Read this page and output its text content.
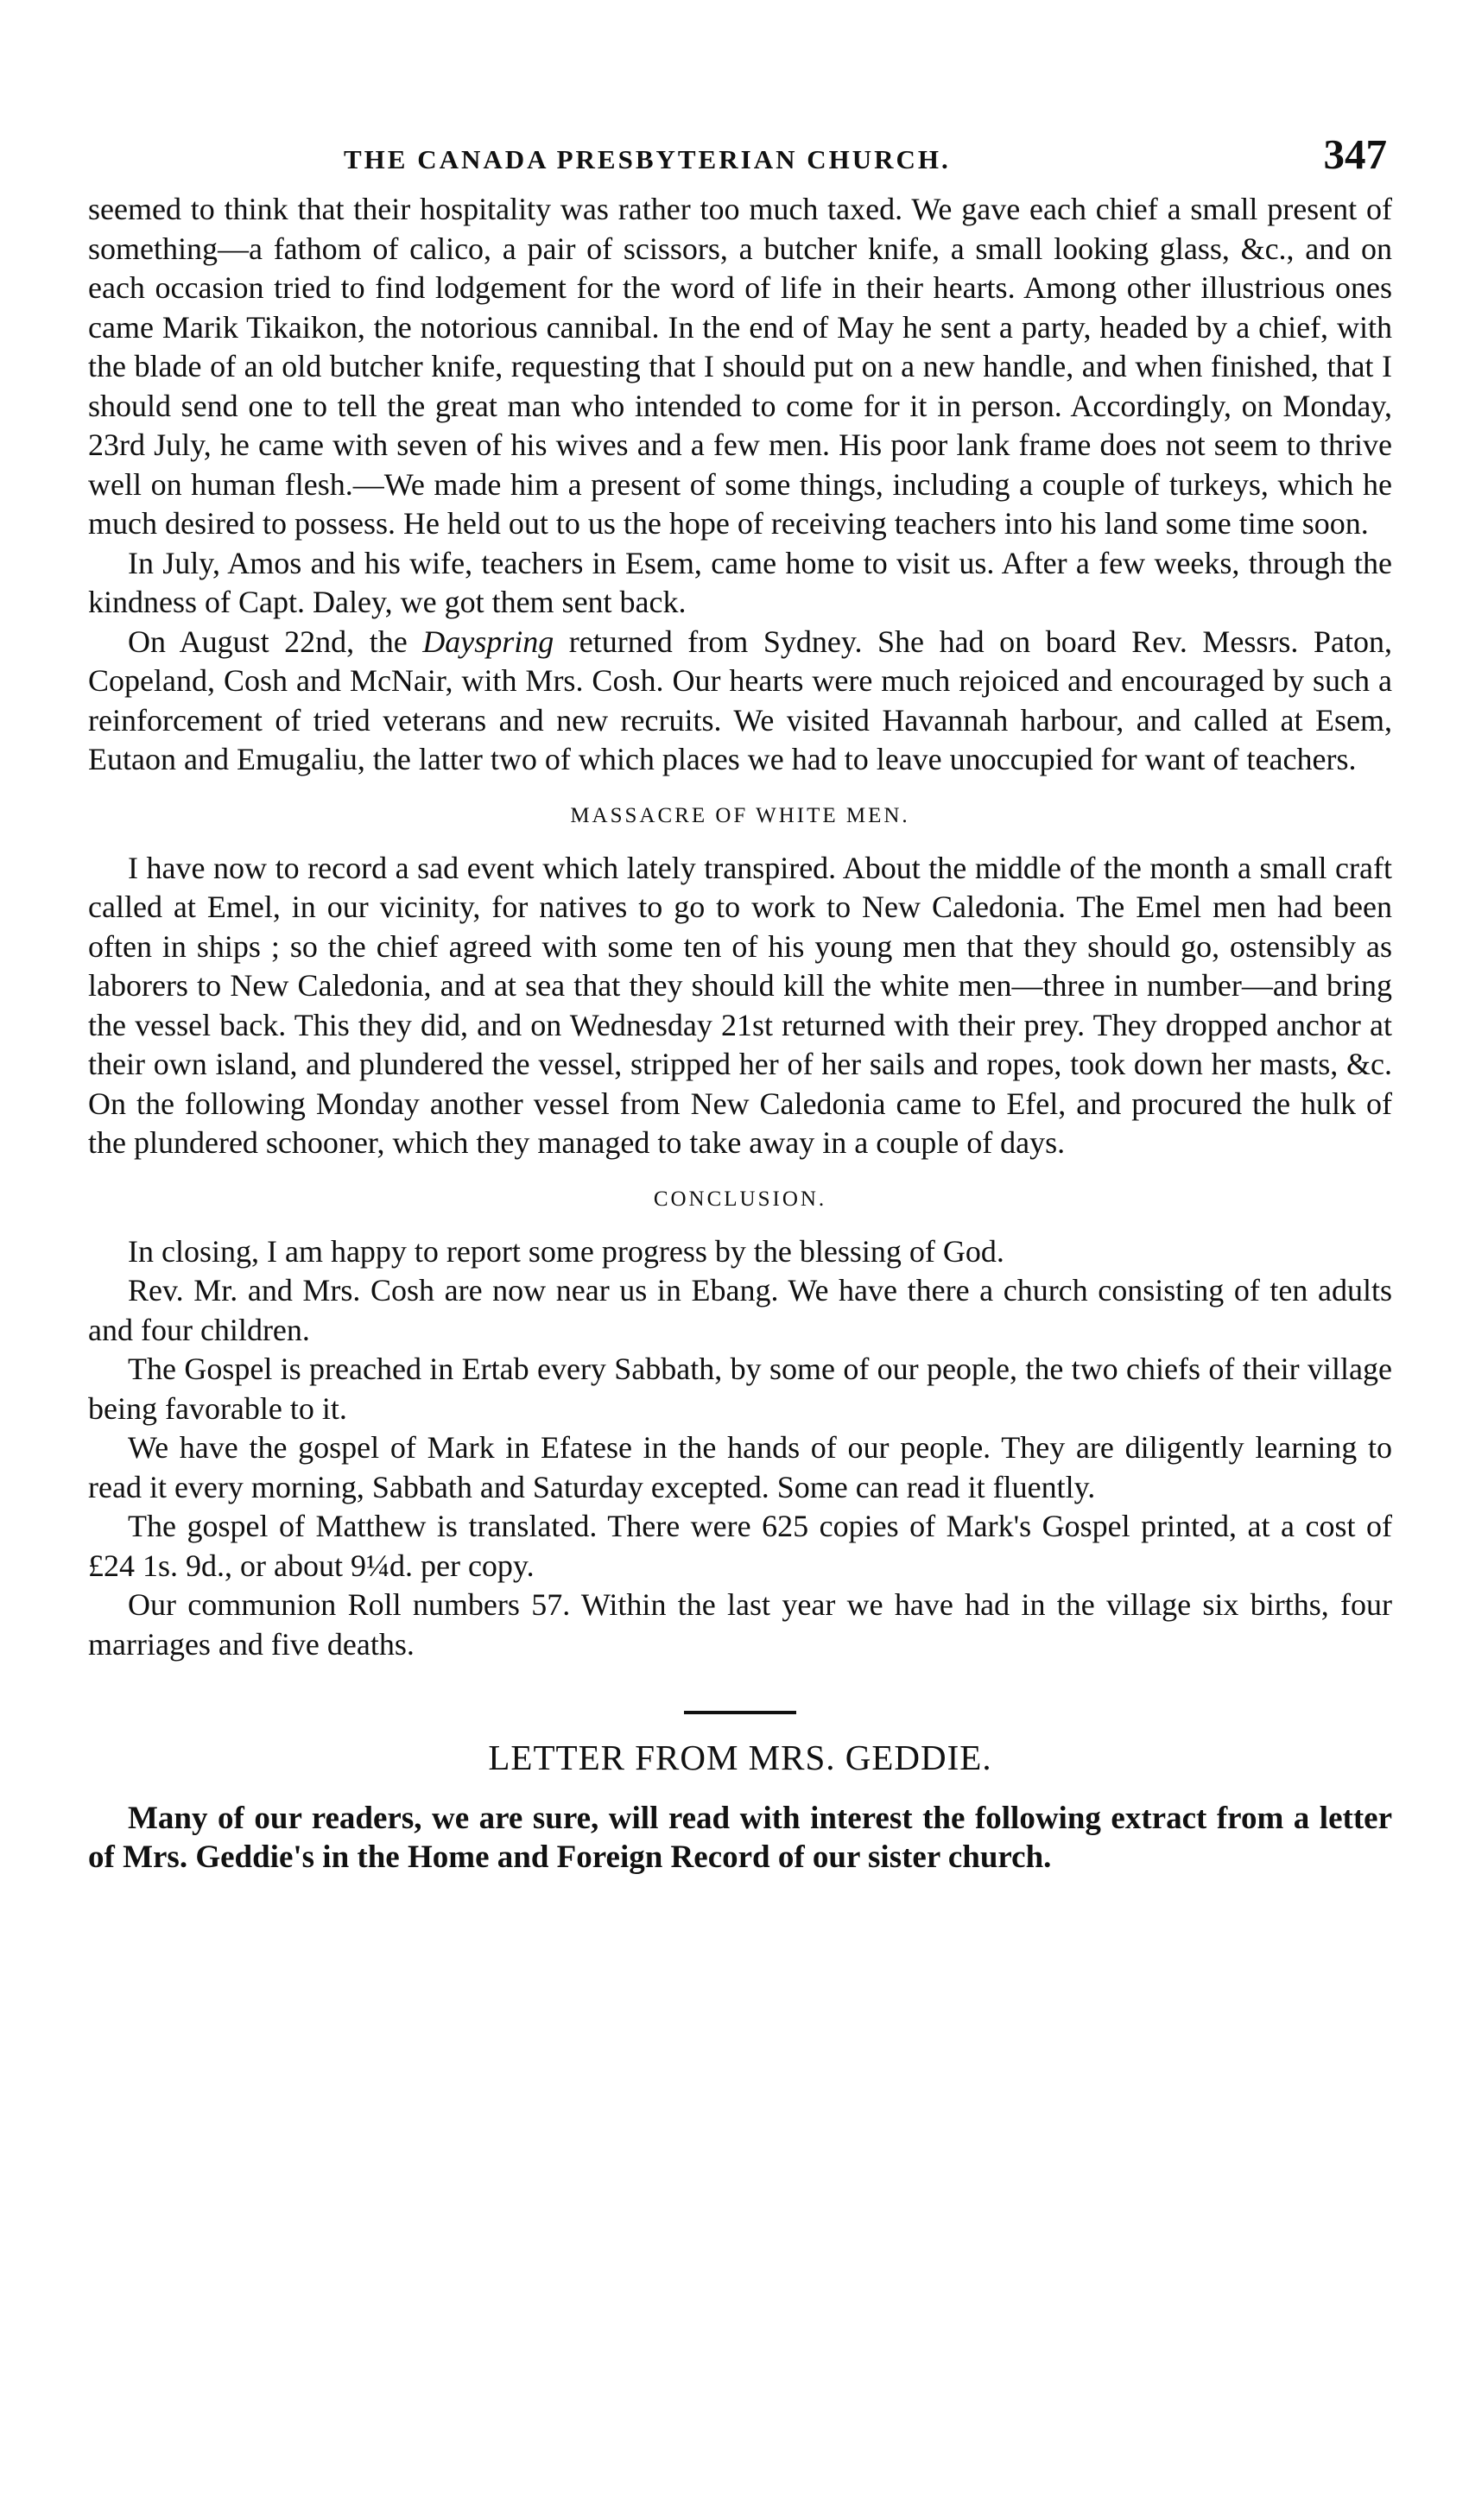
THE CANADA PRESBYTERIAN CHURCH.	347

seemed to think that their hospitality was rather too much taxed. We gave each chief a small present of something—a fathom of calico, a pair of scissors, a butcher knife, a small looking glass, &c., and on each occasion tried to find lodgement for the word of life in their hearts. Among other illustrious ones came Marik Tikaikon, the notorious cannibal. In the end of May he sent a party, headed by a chief, with the blade of an old butcher knife, requesting that I should put on a new handle, and when finished, that I should send one to tell the great man who intended to come for it in person. Accordingly, on Monday, 23rd July, he came with seven of his wives and a few men. His poor lank frame does not seem to thrive well on human flesh.—We made him a present of some things, including a couple of turkeys, which he much desired to possess. He held out to us the hope of receiving teachers into his land some time soon.

In July, Amos and his wife, teachers in Esem, came home to visit us. After a few weeks, through the kindness of Capt. Daley, we got them sent back.

On August 22nd, the Dayspring returned from Sydney. She had on board Rev. Messrs. Paton, Copeland, Cosh and McNair, with Mrs. Cosh. Our hearts were much rejoiced and encouraged by such a reinforcement of tried veterans and new recruits. We visited Havannah harbour, and called at Esem, Eutaon and Emugaliu, the latter two of which places we had to leave unoccupied for want of teachers.

MASSACRE OF WHITE MEN.

I have now to record a sad event which lately transpired. About the middle of the month a small craft called at Emel, in our vicinity, for natives to go to work to New Caledonia. The Emel men had been often in ships ; so the chief agreed with some ten of his young men that they should go, ostensibly as laborers to New Caledonia, and at sea that they should kill the white men—three in number—and bring the vessel back. This they did, and on Wednesday 21st returned with their prey. They dropped anchor at their own island, and plundered the vessel, stripped her of her sails and ropes, took down her masts, &c. On the following Monday another vessel from New Caledonia came to Efel, and procured the hulk of the plundered schooner, which they managed to take away in a couple of days.

CONCLUSION.

In closing, I am happy to report some progress by the blessing of God.

Rev. Mr. and Mrs. Cosh are now near us in Ebang. We have there a church consisting of ten adults and four children.

The Gospel is preached in Ertab every Sabbath, by some of our people, the two chiefs of their village being favorable to it.

We have the gospel of Mark in Efatese in the hands of our people. They are diligently learning to read it every morning, Sabbath and Saturday excepted. Some can read it fluently.

The gospel of Matthew is translated. There were 625 copies of Mark's Gospel printed, at a cost of £24 1s. 9d., or about 9¼d. per copy.

Our communion Roll numbers 57. Within the last year we have had in the village six births, four marriages and five deaths.

LETTER FROM MRS. GEDDIE.

Many of our readers, we are sure, will read with interest the following extract from a letter of Mrs. Geddie's in the Home and Foreign Record of our sister church.
